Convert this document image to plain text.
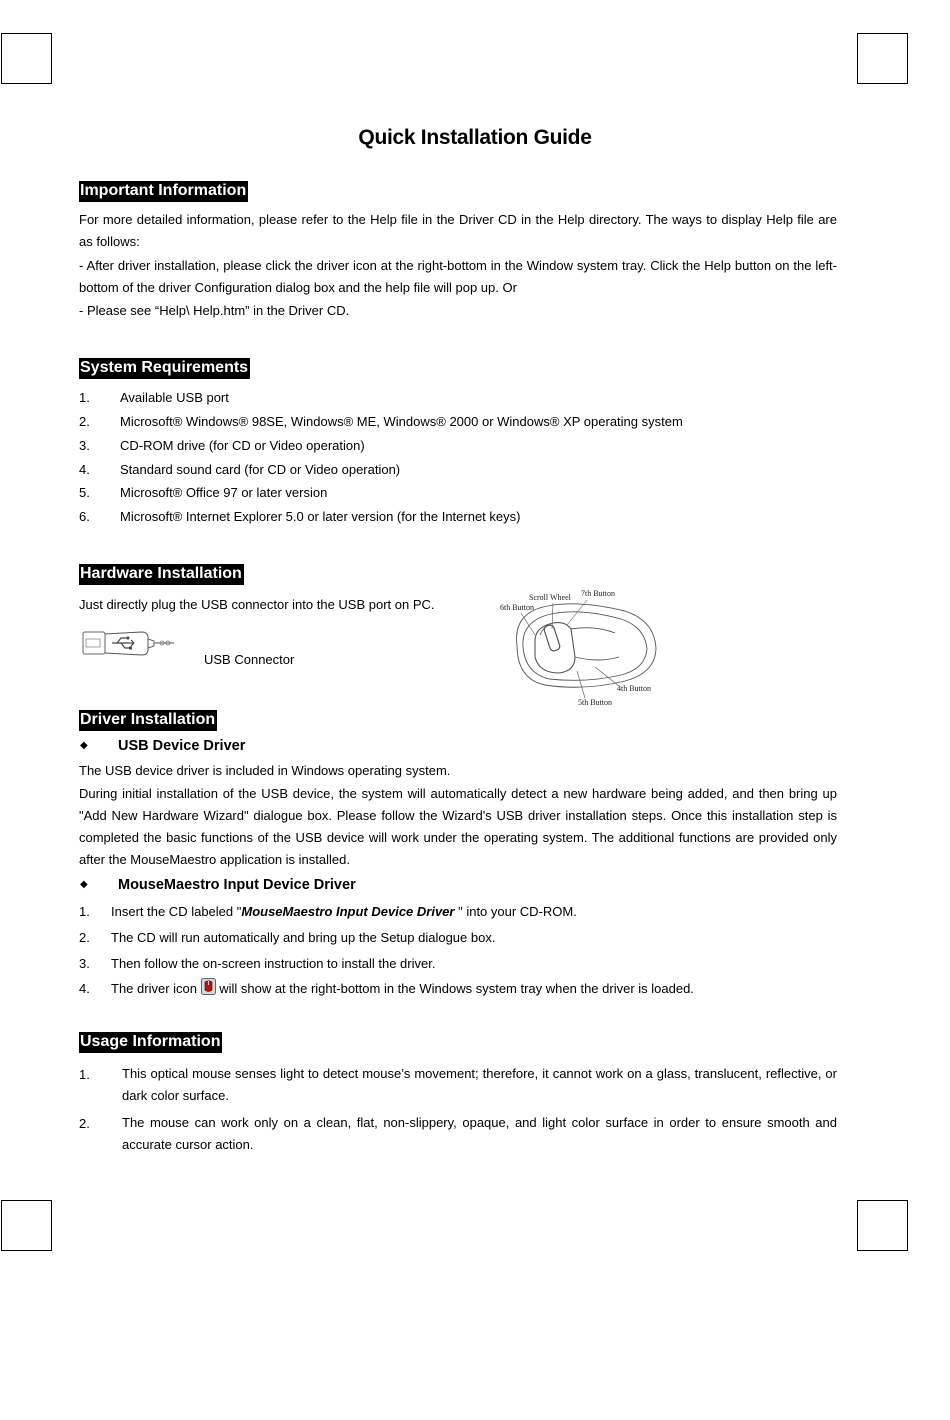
Quick Installation Guide
Important Information
For more detailed information, please refer to the Help file in the Driver CD in the Help directory. The ways to display Help file are as follows:
- After driver installation, please click the driver icon at the right-bottom in the Window system tray. Click the Help button on the left-bottom of the driver Configuration dialog box and the help file will pop up. Or
- Please see “Help\ Help.htm” in the Driver CD.
System Requirements
1. Available USB port
2. Microsoft® Windows® 98SE, Windows® ME, Windows® 2000 or Windows® XP operating system
3. CD-ROM drive (for CD or Video operation)
4. Standard sound card (for CD or Video operation)
5. Microsoft® Office 97 or later version
6. Microsoft® Internet Explorer 5.0 or later version (for the Internet keys)
Hardware Installation
Just directly plug the USB connector into the USB port on PC.
USB Connector
Scroll Wheel 7th Button
6th Button
4th Button
5th Button
Driver Installation
◆ USB Device Driver
The USB device driver is included in Windows operating system.
During initial installation of the USB device, the system will automatically detect a new hardware being added, and then bring up "Add New Hardware Wizard" dialogue box. Please follow the Wizard's USB driver installation steps. Once this installation step is completed the basic functions of the USB device will work under the operating system. The additional functions are provided only after the MouseMaestro application is installed.
◆ MouseMaestro Input Device Driver
1. Insert the CD labeled "MouseMaestro Input Device Driver " into your CD-ROM.
2. The CD will run automatically and bring up the Setup dialogue box.
3. Then follow the on-screen instruction to install the driver.
4. The driver icon  will show at the right-bottom in the Windows system tray when the driver is loaded.
Usage Information
1. This optical mouse senses light to detect mouse’s movement; therefore, it cannot work on a glass, translucent, reflective, or dark color surface.
2. The mouse can work only on a clean, flat, non-slippery, opaque, and light color surface in order to ensure smooth and accurate cursor action.
